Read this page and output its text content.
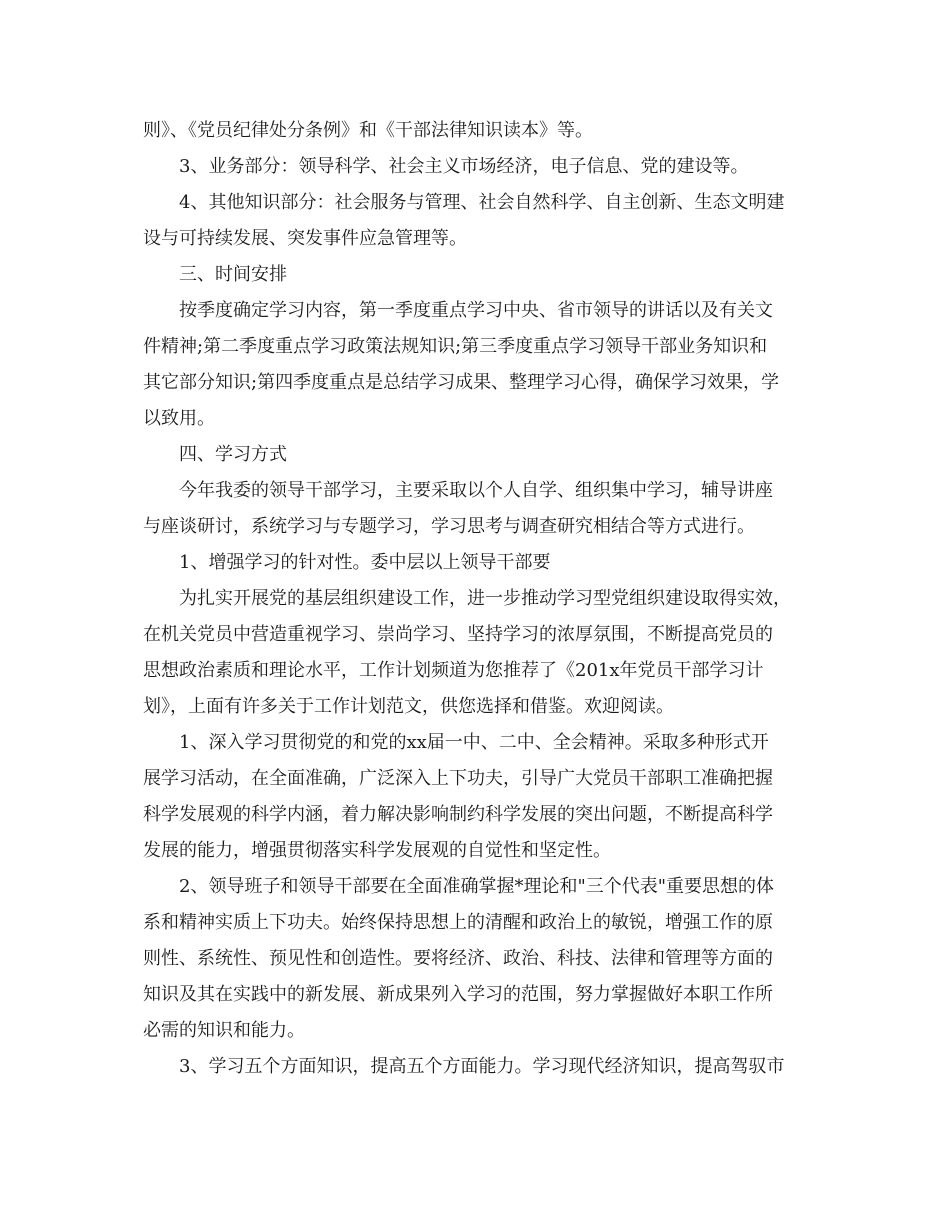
则》、《党员纪律处分条例》和《干部法律知识读本》等。
3、业务部分：领导科学、社会主义市场经济，电子信息、党的建设等。
4、其他知识部分：社会服务与管理、社会自然科学、自主创新、生态文明建
设与可持续发展、突发事件应急管理等。
三、时间安排
按季度确定学习内容，第一季度重点学习中央、省市领导的讲话以及有关文
件精神;第二季度重点学习政策法规知识;第三季度重点学习领导干部业务知识和
其它部分知识;第四季度重点是总结学习成果、整理学习心得，确保学习效果，学
以致用。
四、学习方式
今年我委的领导干部学习，主要采取以个人自学、组织集中学习，辅导讲座
与座谈研讨，系统学习与专题学习，学习思考与调查研究相结合等方式进行。
1、增强学习的针对性。委中层以上领导干部要
为扎实开展党的基层组织建设工作，进一步推动学习型党组织建设取得实效，
在机关党员中营造重视学习、崇尚学习、坚持学习的浓厚氛围，不断提高党员的
思想政治素质和理论水平，工作计划频道为您推荐了《201x年党员干部学习计
划》，上面有许多关于工作计划范文，供您选择和借鉴。欢迎阅读。
1、深入学习贯彻党的和党的xx届一中、二中、全会精神。采取多种形式开
展学习活动，在全面准确，广泛深入上下功夫，引导广大党员干部职工准确把握
科学发展观的科学内涵，着力解决影响制约科学发展的突出问题，不断提高科学
发展的能力，增强贯彻落实科学发展观的自觉性和坚定性。
2、领导班子和领导干部要在全面准确掌握*理论和"三个代表"重要思想的体
系和精神实质上下功夫。始终保持思想上的清醒和政治上的敏锐，增强工作的原
则性、系统性、预见性和创造性。要将经济、政治、科技、法律和管理等方面的
知识及其在实践中的新发展、新成果列入学习的范围，努力掌握做好本职工作所
必需的知识和能力。
3、学习五个方面知识，提高五个方面能力。学习现代经济知识，提高驾驭市
